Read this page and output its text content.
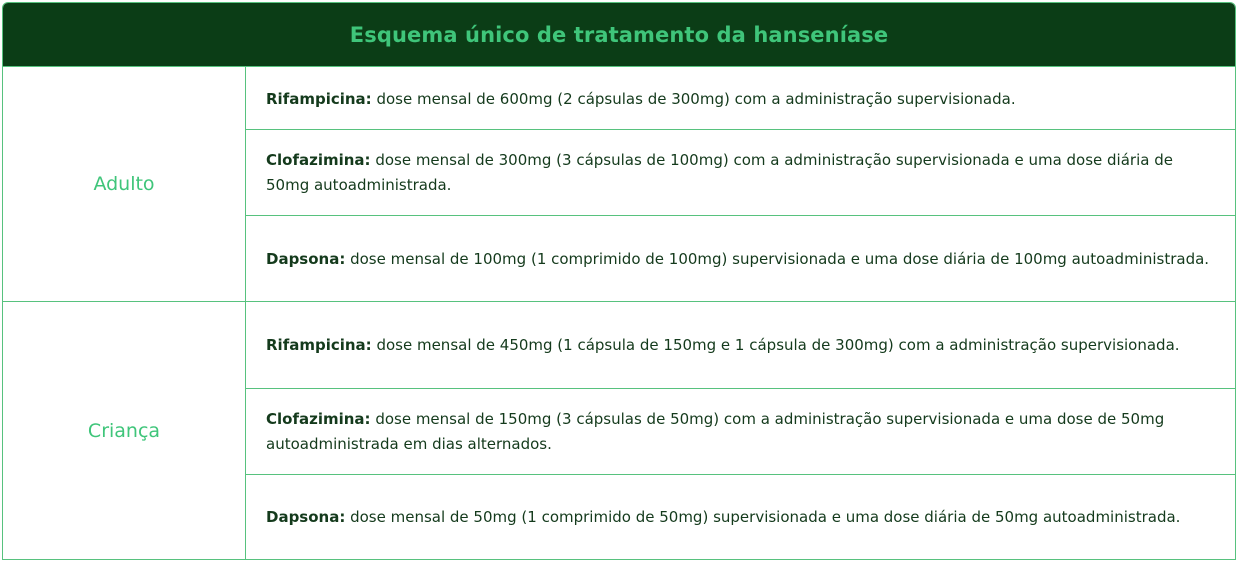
Esquema único de tratamento da hanseníase
Adulto

Rifampicina: dose mensal de 600mg (2 cápsulas de 300mg) com a administração supervisionada.

Clofazimina: dose mensal de 300mg (3 cápsulas de 100mg) com a administração supervisionada e uma dose diária de 50mg autoadministrada.

Dapsona: dose mensal de 100mg (1 comprimido de 100mg) supervisionada e uma dose diária de 100mg autoadministrada.

Criança

Rifampicina: dose mensal de 450mg (1 cápsula de 150mg e 1 cápsula de 300mg) com a administração supervisionada.

Clofazimina: dose mensal de 150mg (3 cápsulas de 50mg) com a administração supervisionada e uma dose de 50mg autoadministrada em dias alternados.

Dapsona: dose mensal de 50mg (1 comprimido de 50mg) supervisionada e uma dose diária de 50mg autoadministrada.
